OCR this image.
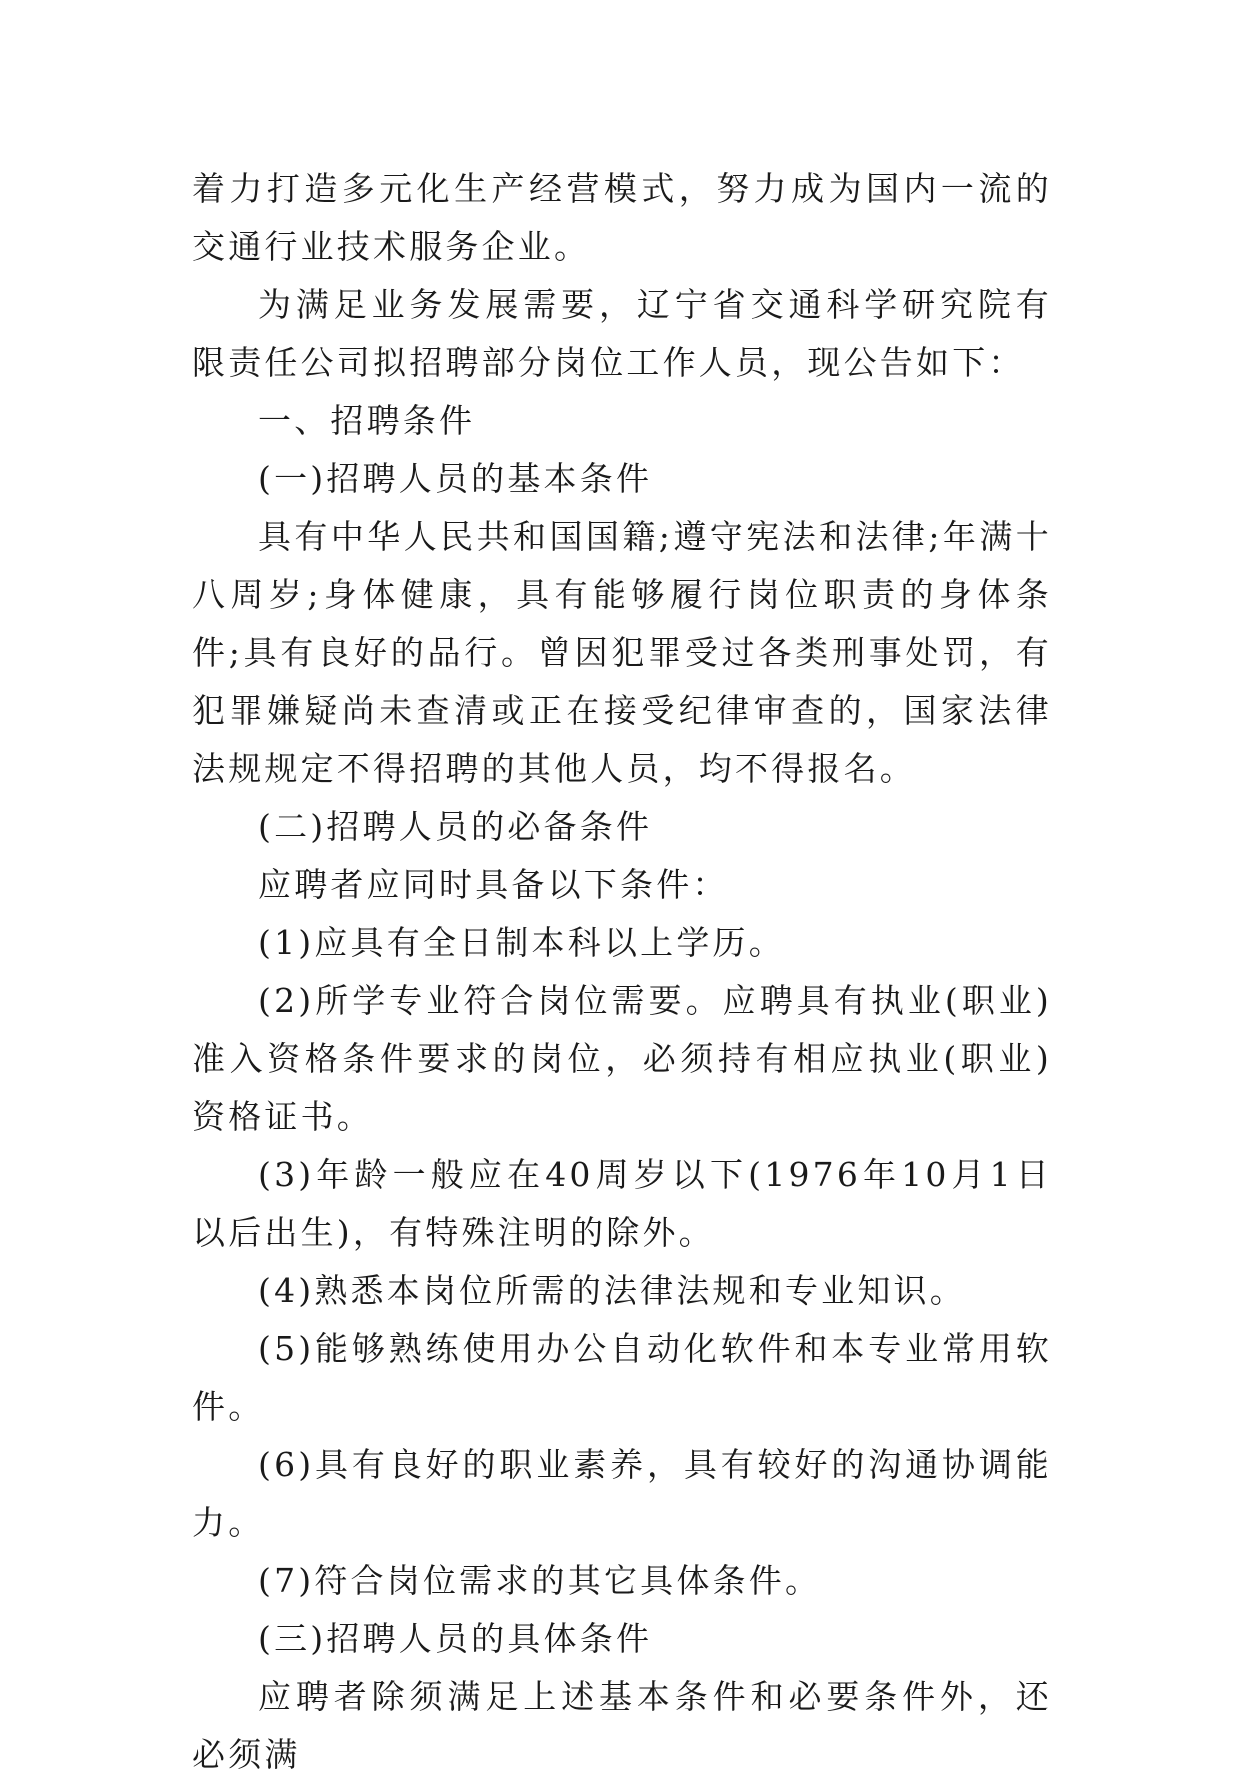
着力打造多元化生产经营模式，努力成为国内一流的交通行业技术服务企业。

为满足业务发展需要，辽宁省交通科学研究院有限责任公司拟招聘部分岗位工作人员，现公告如下：

一、招聘条件

(一)招聘人员的基本条件

具有中华人民共和国国籍;遵守宪法和法律;年满十八周岁;身体健康，具有能够履行岗位职责的身体条件;具有良好的品行。曾因犯罪受过各类刑事处罚，有犯罪嫌疑尚未查清或正在接受纪律审查的，国家法律法规规定不得招聘的其他人员，均不得报名。

(二)招聘人员的必备条件

应聘者应同时具备以下条件：

(1)应具有全日制本科以上学历。

(2)所学专业符合岗位需要。应聘具有执业(职业)准入资格条件要求的岗位，必须持有相应执业(职业)资格证书。

(3)年龄一般应在40周岁以下(1976年10月1日以后出生)，有特殊注明的除外。

(4)熟悉本岗位所需的法律法规和专业知识。

(5)能够熟练使用办公自动化软件和本专业常用软件。

(6)具有良好的职业素养，具有较好的沟通协调能力。

(7)符合岗位需求的其它具体条件。

(三)招聘人员的具体条件

应聘者除须满足上述基本条件和必要条件外，还必须满
